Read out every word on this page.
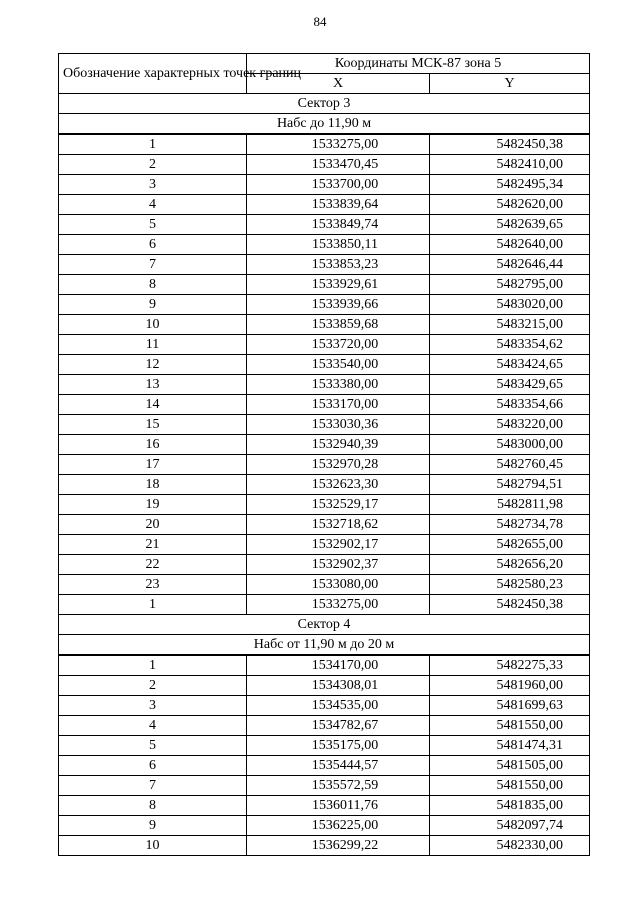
84
Обозначение характерных точек границ	Координаты МСК-87 зона 5	
	X	Y
Сектор 3		
Набс до 11,90 м		
1	1533275,00	5482450,38
2	1533470,45	5482410,00
3	1533700,00	5482495,34
4	1533839,64	5482620,00
5	1533849,74	5482639,65
6	1533850,11	5482640,00
7	1533853,23	5482646,44
8	1533929,61	5482795,00
9	1533939,66	5483020,00
10	1533859,68	5483215,00
11	1533720,00	5483354,62
12	1533540,00	5483424,65
13	1533380,00	5483429,65
14	1533170,00	5483354,66
15	1533030,36	5483220,00
16	1532940,39	5483000,00
17	1532970,28	5482760,45
18	1532623,30	5482794,51
19	1532529,17	5482811,98
20	1532718,62	5482734,78
21	1532902,17	5482655,00
22	1532902,37	5482656,20
23	1533080,00	5482580,23
1	1533275,00	5482450,38
Сектор 4		
Набс от 11,90 м до 20 м		
1	1534170,00	5482275,33
2	1534308,01	5481960,00
3	1534535,00	5481699,63
4	1534782,67	5481550,00
5	1535175,00	5481474,31
6	1535444,57	5481505,00
7	1535572,59	5481550,00
8	1536011,76	5481835,00
9	1536225,00	5482097,74
10	1536299,22	5482330,00
